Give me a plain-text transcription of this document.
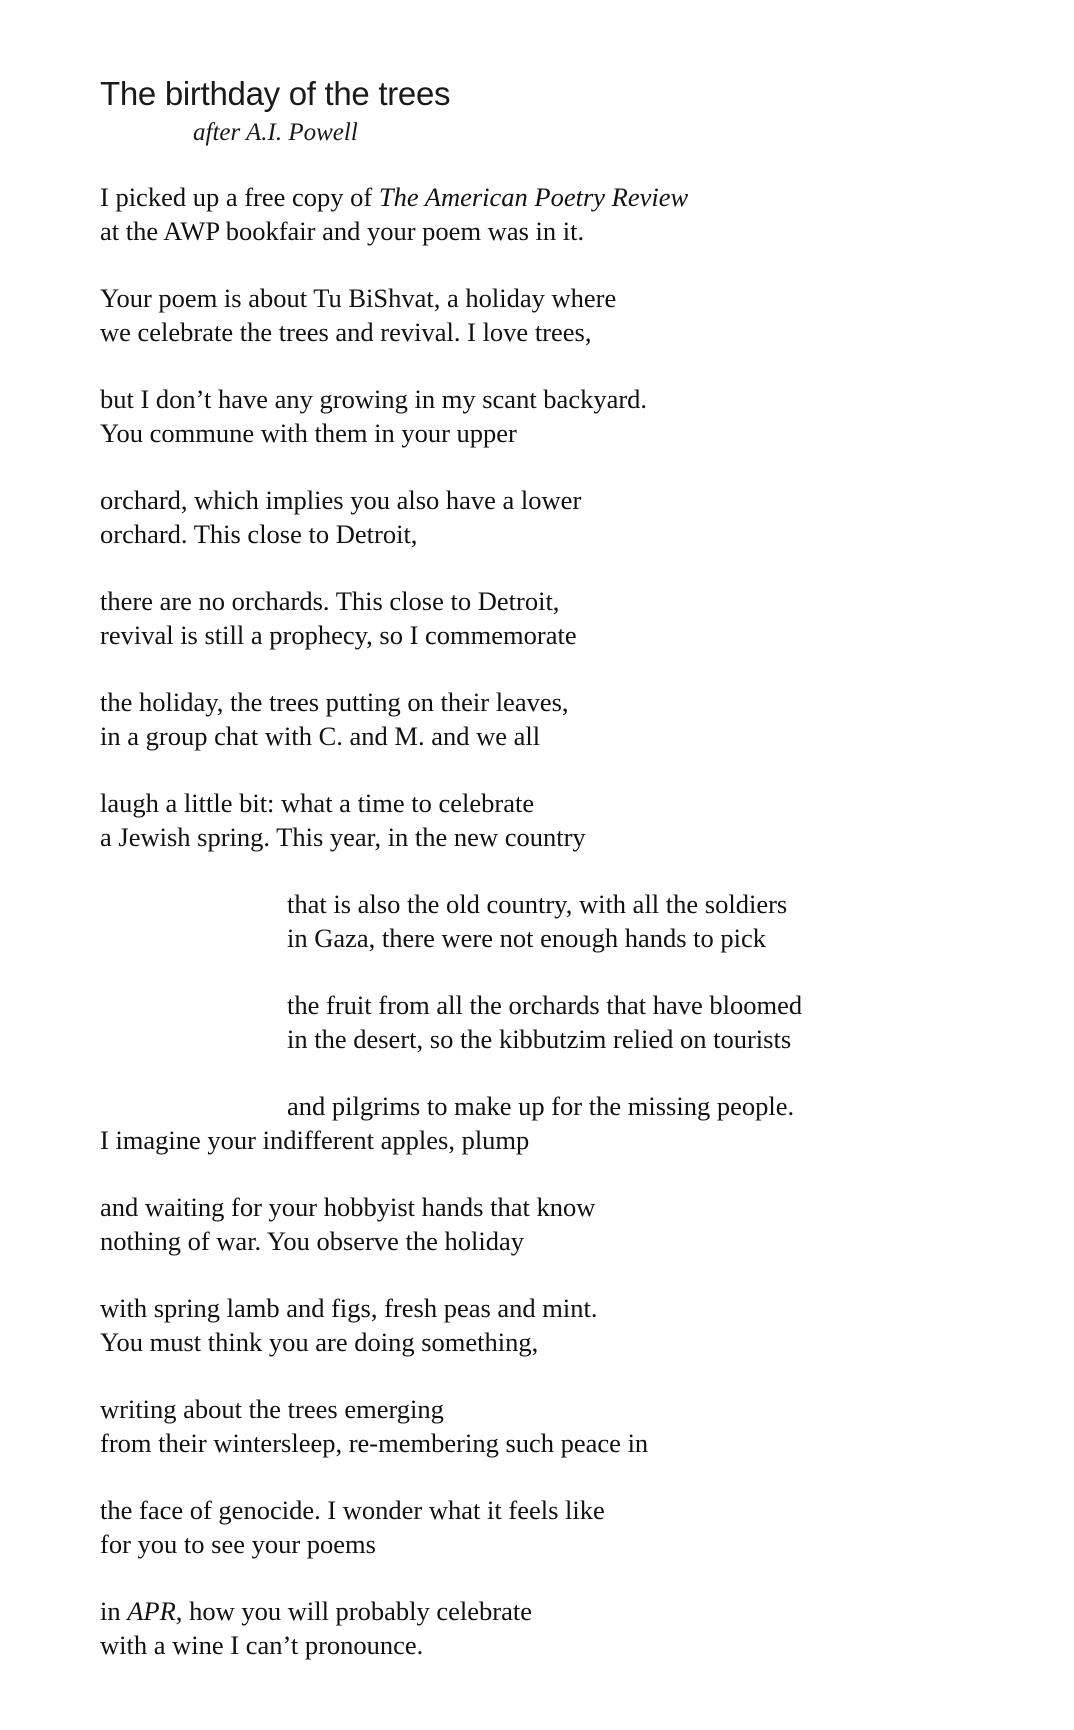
The birthday of the trees

after A.I. Powell

I picked up a free copy of The American Poetry Review
at the AWP bookfair and your poem was in it.
Your poem is about Tu BiShvat, a holiday where
we celebrate the trees and revival. I love trees,
but I don’t have any growing in my scant backyard.
You commune with them in your upper
orchard, which implies you also have a lower
orchard. This close to Detroit,
there are no orchards. This close to Detroit,
revival is still a prophecy, so I commemorate
the holiday, the trees putting on their leaves,
in a group chat with C. and M. and we all
laugh a little bit: what a time to celebrate
a Jewish spring. This year, in the new country
that is also the old country, with all the soldiers
in Gaza, there were not enough hands to pick
the fruit from all the orchards that have bloomed
in the desert, so the kibbutzim relied on tourists
and pilgrims to make up for the missing people.
I imagine your indifferent apples, plump
and waiting for your hobbyist hands that know
nothing of war. You observe the holiday
with spring lamb and figs, fresh peas and mint.
You must think you are doing something,
writing about the trees emerging
from their wintersleep, re-membering such peace in
the face of genocide. I wonder what it feels like
for you to see your poems
in APR, how you will probably celebrate
with a wine I can’t pronounce.
